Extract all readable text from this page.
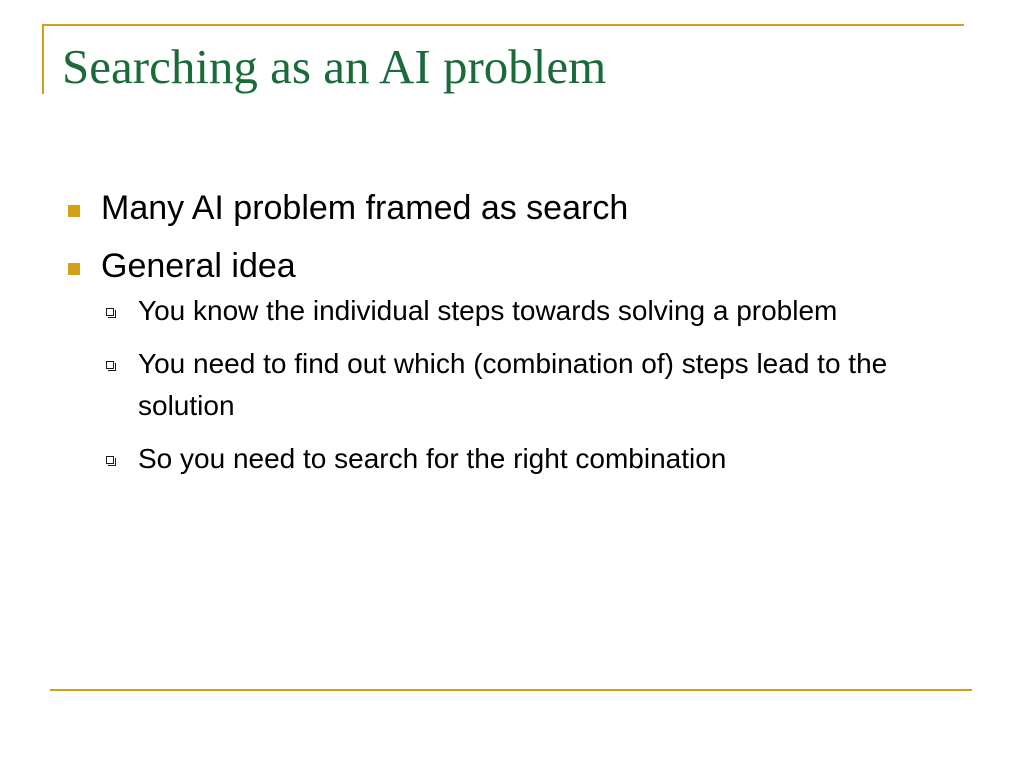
Searching as an AI problem
Many AI problem framed as search
General idea
You know the individual steps towards solving a problem
You need to find out which (combination of) steps lead to the solution
So you need to search for the right combination
